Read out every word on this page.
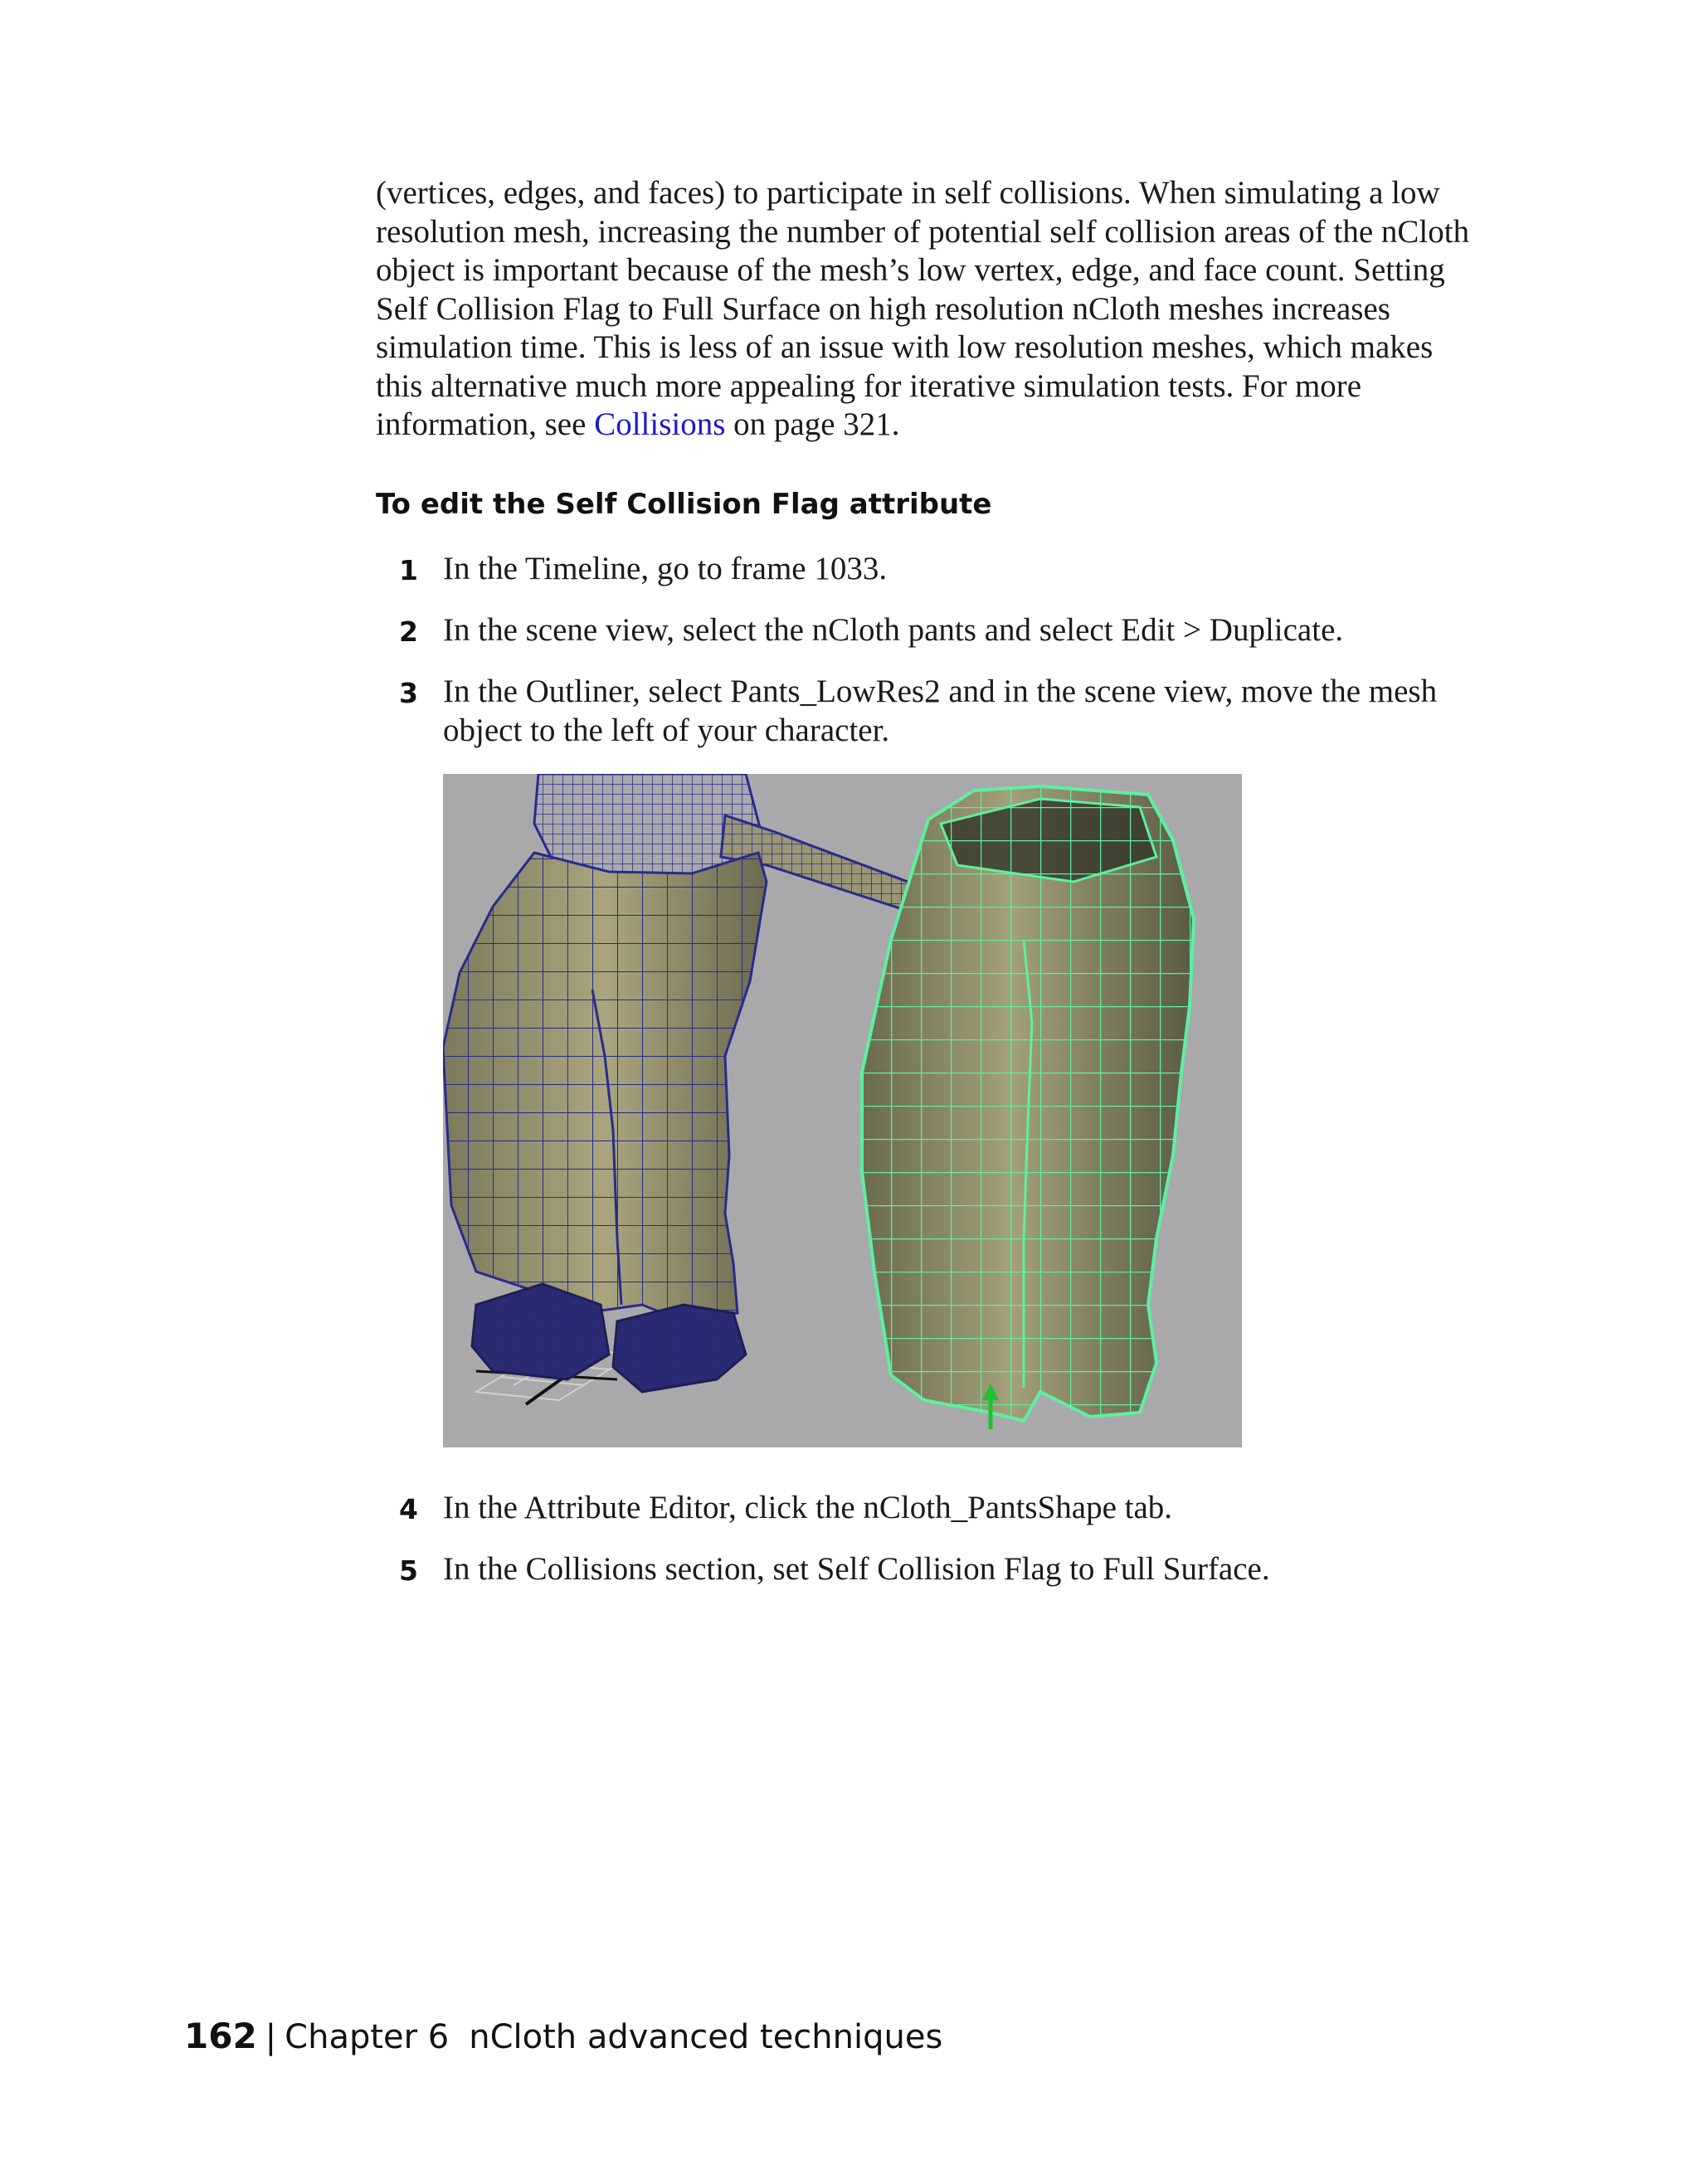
(vertices, edges, and faces) to participate in self collisions. When simulating a low resolution mesh, increasing the number of potential self collision areas of the nCloth object is important because of the mesh’s low vertex, edge, and face count. Setting Self Collision Flag to Full Surface on high resolution nCloth meshes increases simulation time. This is less of an issue with low resolution meshes, which makes this alternative much more appealing for iterative simulation tests. For more information, see Collisions on page 321.

To edit the Self Collision Flag attribute
1 In the Timeline, go to frame 1033.
2 In the scene view, select the nCloth pants and select Edit > Duplicate.
3 In the Outliner, select Pants_LowRes2 and in the scene view, move the mesh object to the left of your character.
4 In the Attribute Editor, click the nCloth_PantsShape tab.
5 In the Collisions section, set Self Collision Flag to Full Surface.
162 | Chapter 6 nCloth advanced techniques
